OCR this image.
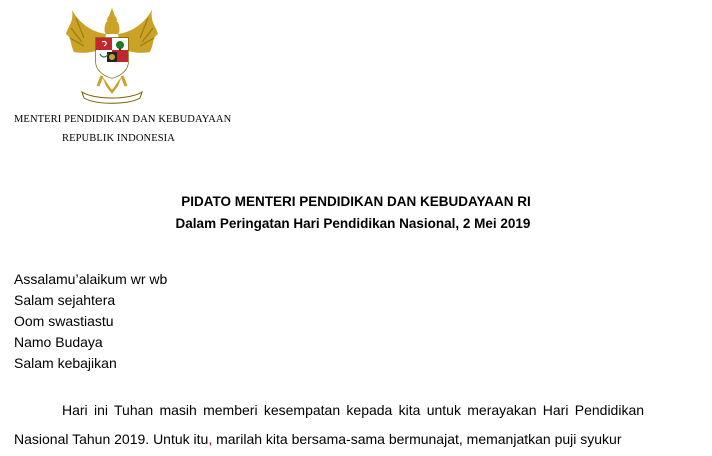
MENTERI PENDIDIKAN DAN KEBUDAYAAN
REPUBLIK INDONESIA
PIDATO MENTERI PENDIDIKAN DAN KEBUDAYAAN RI
Dalam Peringatan Hari Pendidikan Nasional, 2 Mei 2019
Assalamu’alaikum wr wb
Salam sejahtera
Oom swastiastu
Namo Budaya
Salam kebajikan
Hari ini Tuhan masih memberi kesempatan kepada kita untuk merayakan Hari Pendidikan
Nasional Tahun 2019. Untuk itu, marilah kita bersama-sama bermunajat, memanjatkan puji syukur
